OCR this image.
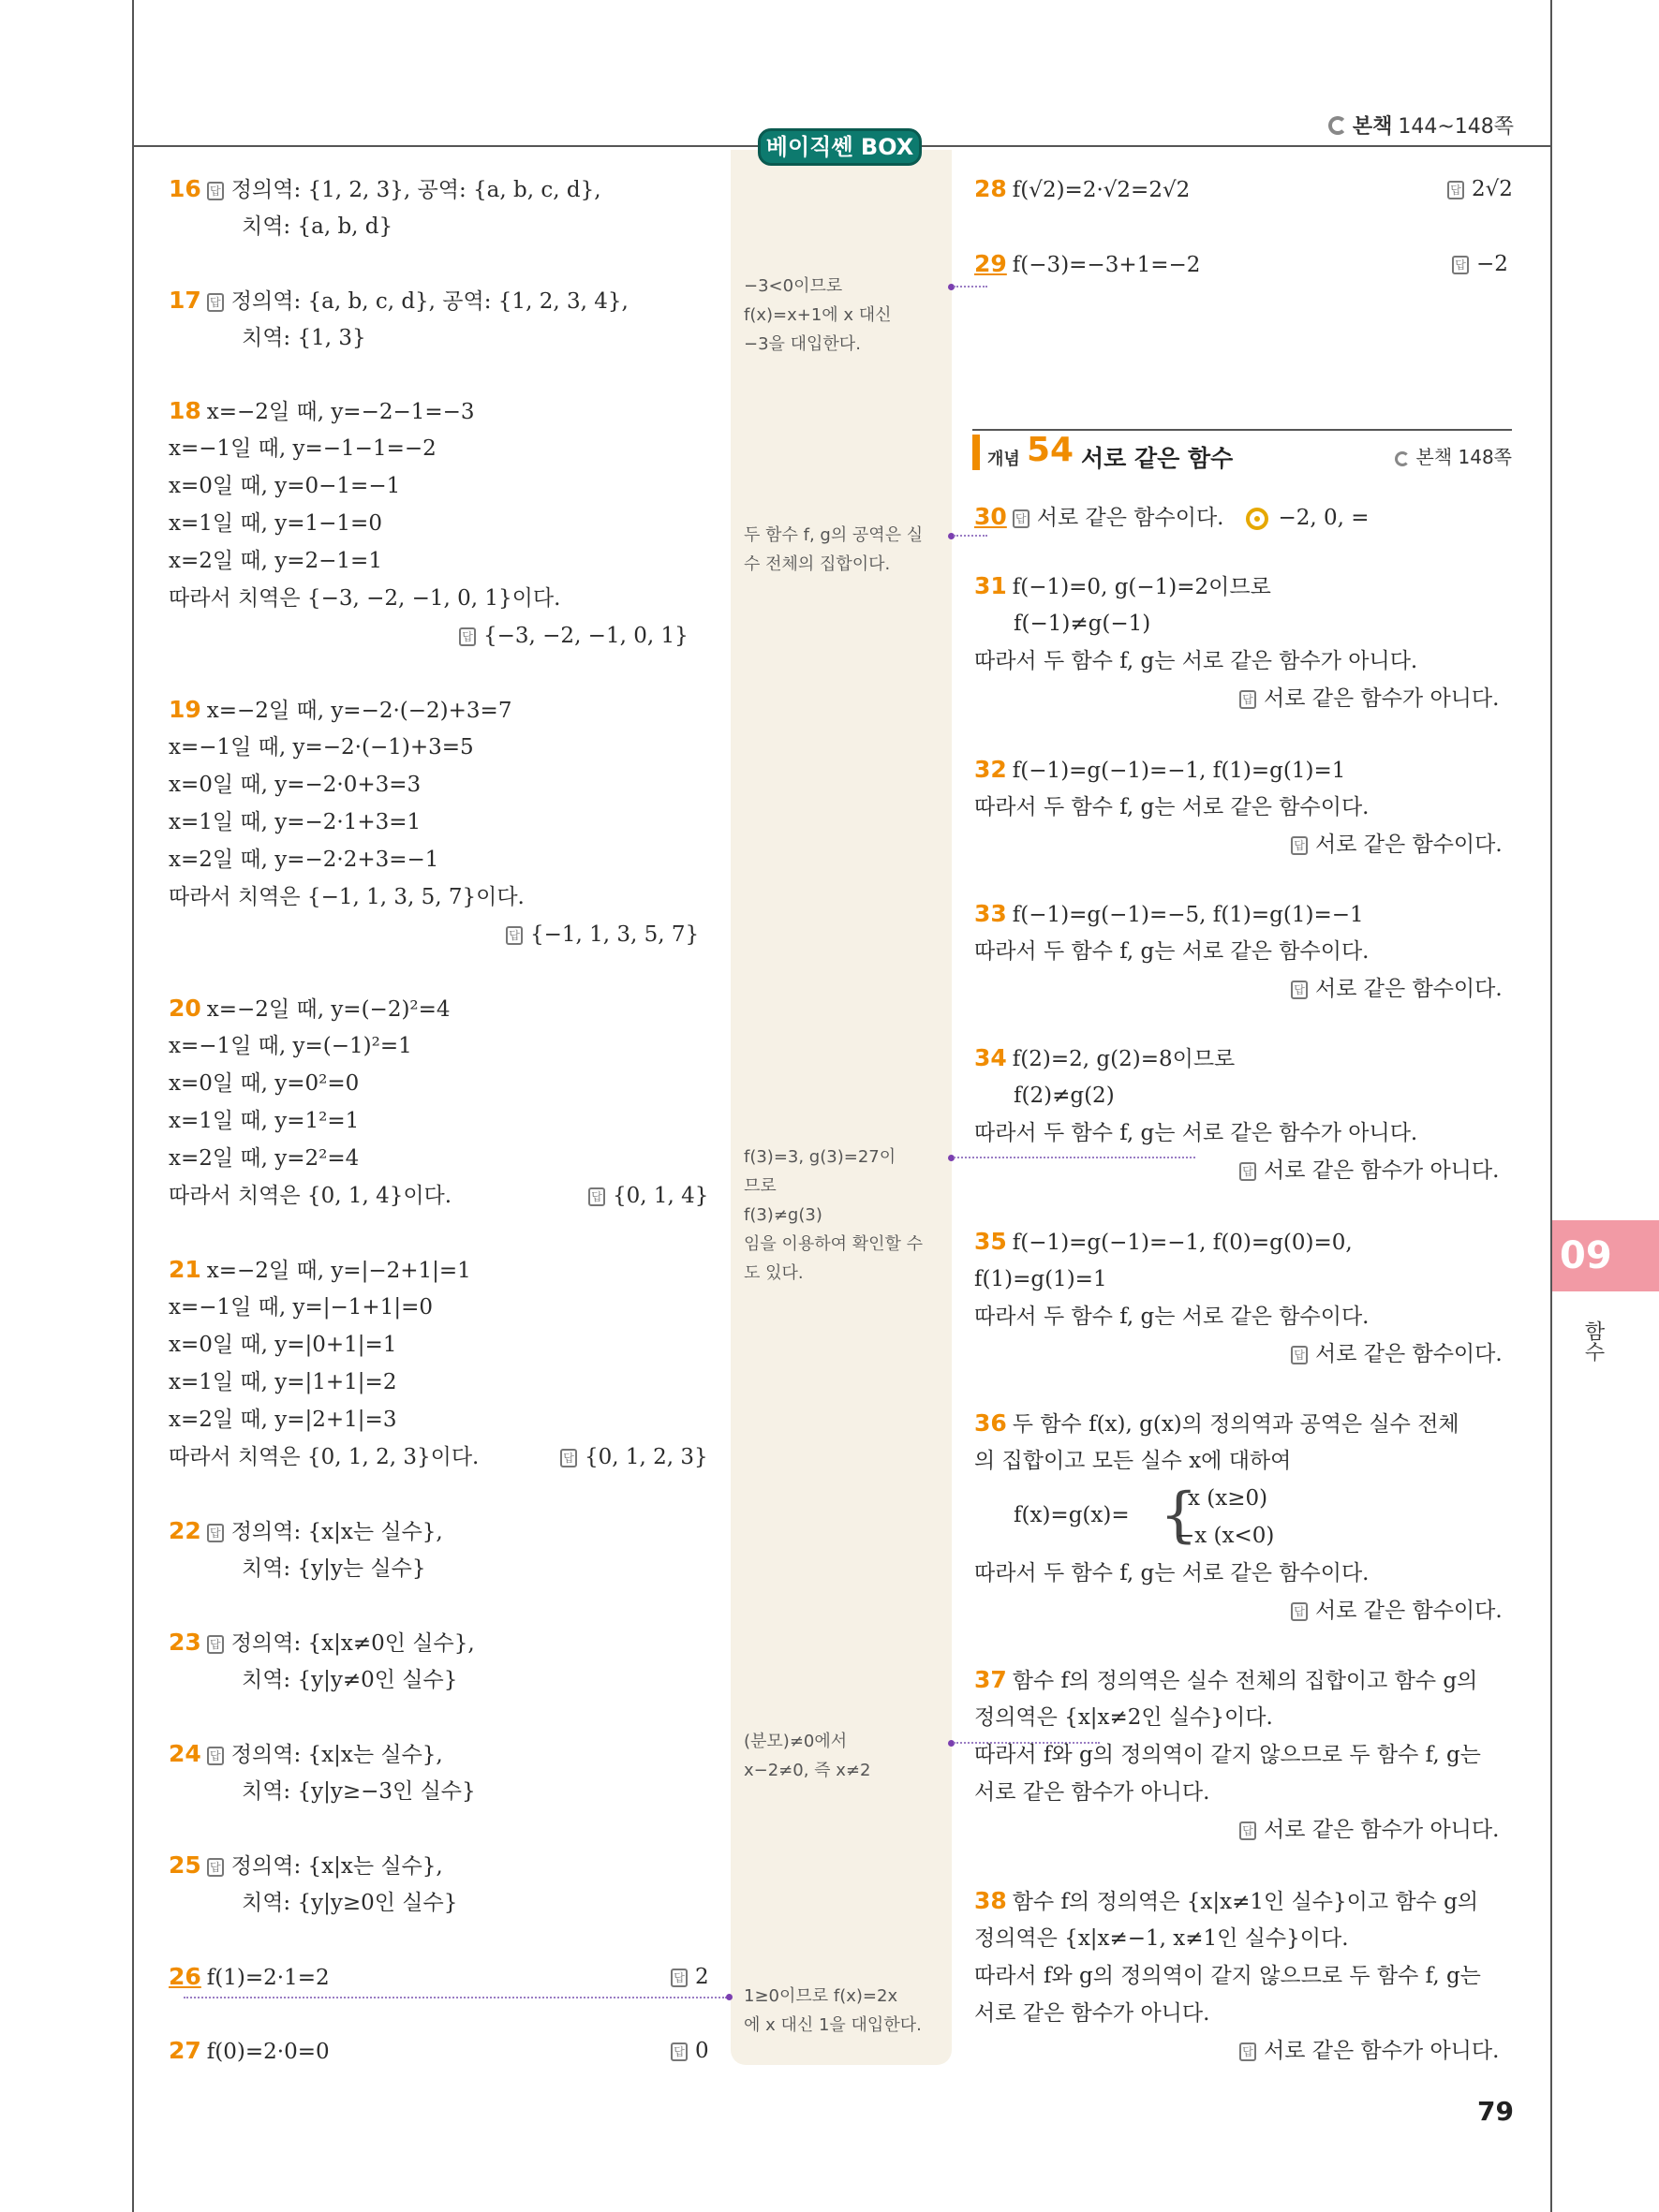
본책 144~148쪽
베이직쎈 BOX
16 답 정의역: {1, 2, 3}, 공역: {a, b, c, d},
치역: {a, b, d}
17 답 정의역: {a, b, c, d}, 공역: {1, 2, 3, 4},
치역: {1, 3}
18 x=−2일 때, y=−2−1=−3
x=−1일 때, y=−1−1=−2
x=0일 때, y=0−1=−1
x=1일 때, y=1−1=0
x=2일 때, y=2−1=1
따라서 치역은 {−3, −2, −1, 0, 1}이다.
답 {−3, −2, −1, 0, 1}
19 x=−2일 때, y=−2·(−2)+3=7
x=−1일 때, y=−2·(−1)+3=5
x=0일 때, y=−2·0+3=3
x=1일 때, y=−2·1+3=1
x=2일 때, y=−2·2+3=−1
따라서 치역은 {−1, 1, 3, 5, 7}이다.
답 {−1, 1, 3, 5, 7}
20 x=−2일 때, y=(−2)²=4
x=−1일 때, y=(−1)²=1
x=0일 때, y=0²=0
x=1일 때, y=1²=1
x=2일 때, y=2²=4
따라서 치역은 {0, 1, 4}이다.	답 {0, 1, 4}
21 x=−2일 때, y=|−2+1|=1
x=−1일 때, y=|−1+1|=0
x=0일 때, y=|0+1|=1
x=1일 때, y=|1+1|=2
x=2일 때, y=|2+1|=3
따라서 치역은 {0, 1, 2, 3}이다.	답 {0, 1, 2, 3}
22 답 정의역: {x|x는 실수},
치역: {y|y는 실수}
23 답 정의역: {x|x≠0인 실수},
치역: {y|y≠0인 실수}
24 답 정의역: {x|x는 실수},
치역: {y|y≥−3인 실수}
25 답 정의역: {x|x는 실수},
치역: {y|y≥0인 실수}
26 f(1)=2·1=2	답 2
27 f(0)=2·0=0	답 0
−3<0이므로
f(x)=x+1에 x 대신
−3을 대입한다.
두 함수 f, g의 공역은 실
수 전체의 집합이다.
f(3)=3, g(3)=27이
므로
f(3)≠g(3)
임을 이용하여 확인할 수
도 있다.
(분모)≠0에서
x−2≠0, 즉 x≠2
1≥0이므로 f(x)=2x
에 x 대신 1을 대입한다.
28 f(√2)=2·√2=2√2	답 2√2
29 f(−3)=−3+1=−2	답 −2
개념 54 서로 같은 함수	본책 148쪽
30 답 서로 같은 함수이다.	−2, 0, =
31 f(−1)=0, g(−1)=2이므로
f(−1)≠g(−1)
따라서 두 함수 f, g는 서로 같은 함수가 아니다.
답 서로 같은 함수가 아니다.
32 f(−1)=g(−1)=−1, f(1)=g(1)=1
따라서 두 함수 f, g는 서로 같은 함수이다.
답 서로 같은 함수이다.
33 f(−1)=g(−1)=−5, f(1)=g(1)=−1
따라서 두 함수 f, g는 서로 같은 함수이다.
답 서로 같은 함수이다.
34 f(2)=2, g(2)=8이므로
f(2)≠g(2)
따라서 두 함수 f, g는 서로 같은 함수가 아니다.
답 서로 같은 함수가 아니다.
35 f(−1)=g(−1)=−1, f(0)=g(0)=0,
f(1)=g(1)=1
따라서 두 함수 f, g는 서로 같은 함수이다.
답 서로 같은 함수이다.
36 두 함수 f(x), g(x)의 정의역과 공역은 실수 전체
의 집합이고 모든 실수 x에 대하여
f(x)=g(x)= {
x (x≥0)
−x (x<0)
따라서 두 함수 f, g는 서로 같은 함수이다.
답 서로 같은 함수이다.
37 함수 f의 정의역은 실수 전체의 집합이고 함수 g의
정의역은 {x|x≠2인 실수}이다.
따라서 f와 g의 정의역이 같지 않으므로 두 함수 f, g는
서로 같은 함수가 아니다.
답 서로 같은 함수가 아니다.
38 함수 f의 정의역은 {x|x≠1인 실수}이고 함수 g의
정의역은 {x|x≠−1, x≠1인 실수}이다.
따라서 f와 g의 정의역이 같지 않으므로 두 함수 f, g는
서로 같은 함수가 아니다.
답 서로 같은 함수가 아니다.
09
함수
79
